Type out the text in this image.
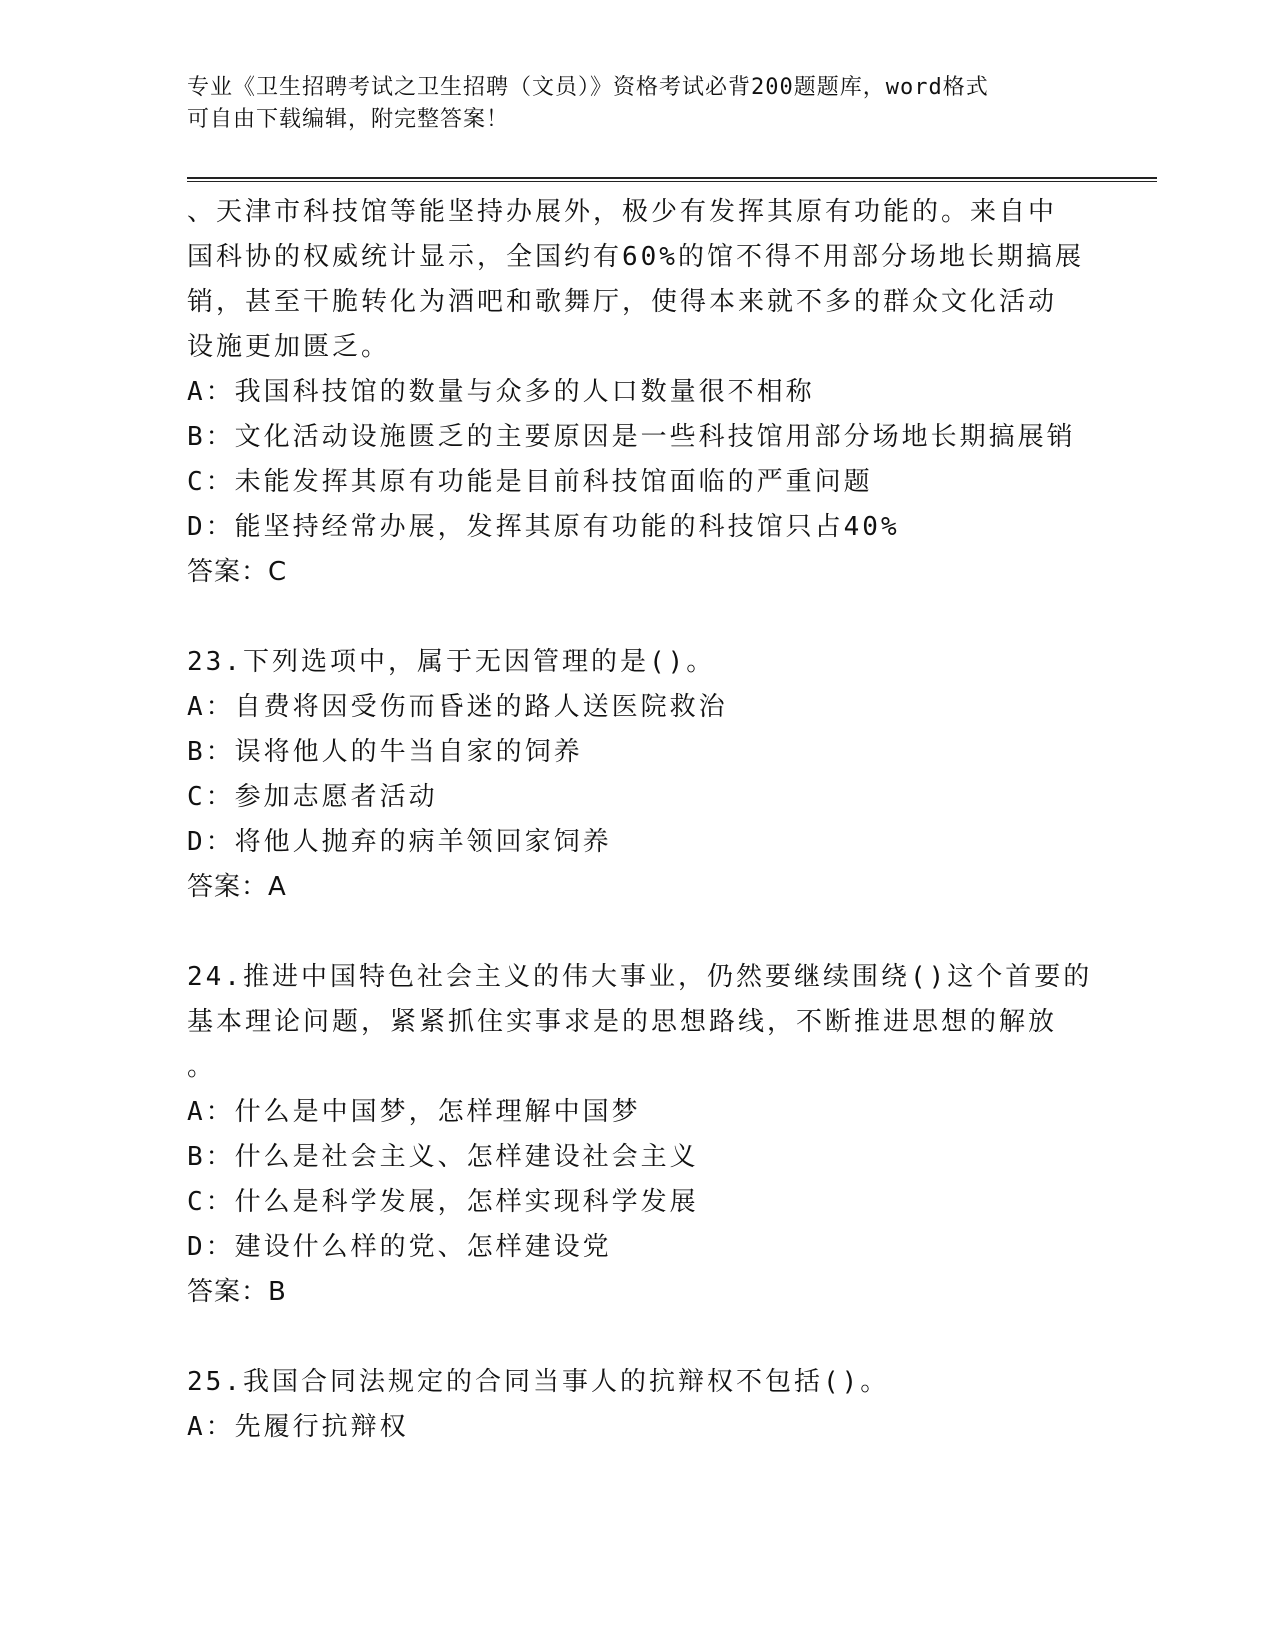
专业《卫生招聘考试之卫生招聘（文员）》资格考试必背200题题库，word格式
可自由下载编辑，附完整答案！
、天津市科技馆等能坚持办展外，极少有发挥其原有功能的。来自中
国科协的权威统计显示，全国约有60%的馆不得不用部分场地长期搞展
销，甚至干脆转化为酒吧和歌舞厅，使得本来就不多的群众文化活动
设施更加匮乏。
A：我国科技馆的数量与众多的人口数量很不相称
B：文化活动设施匮乏的主要原因是一些科技馆用部分场地长期搞展销
C：未能发挥其原有功能是目前科技馆面临的严重问题
D：能坚持经常办展，发挥其原有功能的科技馆只占40%
答案：C
23.下列选项中，属于无因管理的是()。
A：自费将因受伤而昏迷的路人送医院救治
B：误将他人的牛当自家的饲养
C：参加志愿者活动
D：将他人抛弃的病羊领回家饲养
答案：A
24.推进中国特色社会主义的伟大事业，仍然要继续围绕()这个首要的
基本理论问题，紧紧抓住实事求是的思想路线，不断推进思想的解放
。
A：什么是中国梦，怎样理解中国梦
B：什么是社会主义、怎样建设社会主义
C：什么是科学发展，怎样实现科学发展
D：建设什么样的党、怎样建设党
答案：B
25.我国合同法规定的合同当事人的抗辩权不包括()。
A：先履行抗辩权
